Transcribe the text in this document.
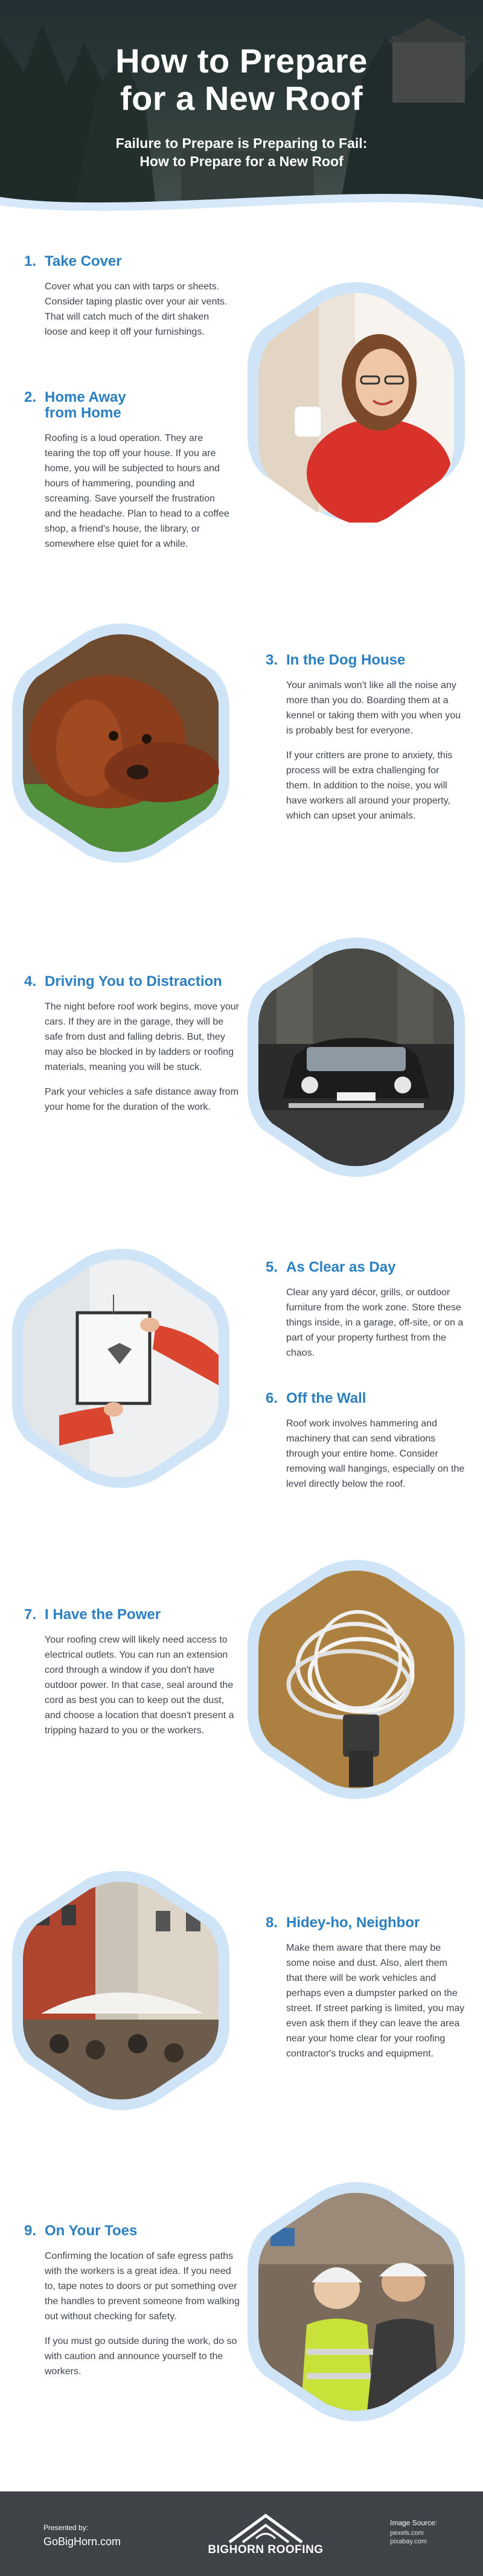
How to Prepare
for a New Roof
Failure to Prepare is Preparing to Fail:
How to Prepare for a New Roof
1. Take Cover

Cover what you can with tarps or sheets. Consider taping plastic over your air vents. That will catch much of the dirt shaken loose and keep it off your furnishings.

2. Home Away
from Home

Roofing is a loud operation. They are tearing the top off your house. If you are home, you will be subjected to hours and hours of hammering, pounding and screaming. Save yourself the frustration and the headache. Plan to head to a coffee shop, a friend's house, the library, or somewhere else quiet for a while.

3. In the Dog House

Your animals won't like all the noise any more than you do. Boarding them at a kennel or taking them with you when you is probably best for everyone.

If your critters are prone to anxiety, this process will be extra challenging for them. In addition to the noise, you will have workers all around your property, which can upset your animals.

4. Driving You to Distraction

The night before roof work begins, move your cars. If they are in the garage, they will be safe from dust and falling debris. But, they may also be blocked in by ladders or roofing materials, meaning you will be stuck.

Park your vehicles a safe distance away from your home for the duration of the work.

5. As Clear as Day

Clear any yard décor, grills, or outdoor furniture from the work zone. Store these things inside, in a garage, off-site, or on a part of your property furthest from the chaos.

6. Off the Wall

Roof work involves hammering and machinery that can send vibrations through your entire home. Consider removing wall hangings, especially on the level directly below the roof.

7. I Have the Power

Your roofing crew will likely need access to electrical outlets. You can run an extension cord through a window if you don't have outdoor power. In that case, seal around the cord as best you can to keep out the dust, and choose a location that doesn't present a tripping hazard to you or the workers.

8. Hidey-ho, Neighbor

Make them aware that there may be some noise and dust. Also, alert them that there will be work vehicles and perhaps even a dumpster parked on the street. If street parking is limited, you may even ask them if they can leave the area near your home clear for your roofing contractor's trucks and equipment.

9. On Your Toes

Confirming the location of safe egress paths with the workers is a great idea. If you need to, tape notes to doors or put something over the handles to prevent someone from walking out without checking for safety.

If you must go outside during the work, do so with caution and announce yourself to the workers.

Presented by:
GoBigHorn.com
BIGHORN ROOFING
Image Source:
pexels.com
pixabay.com
